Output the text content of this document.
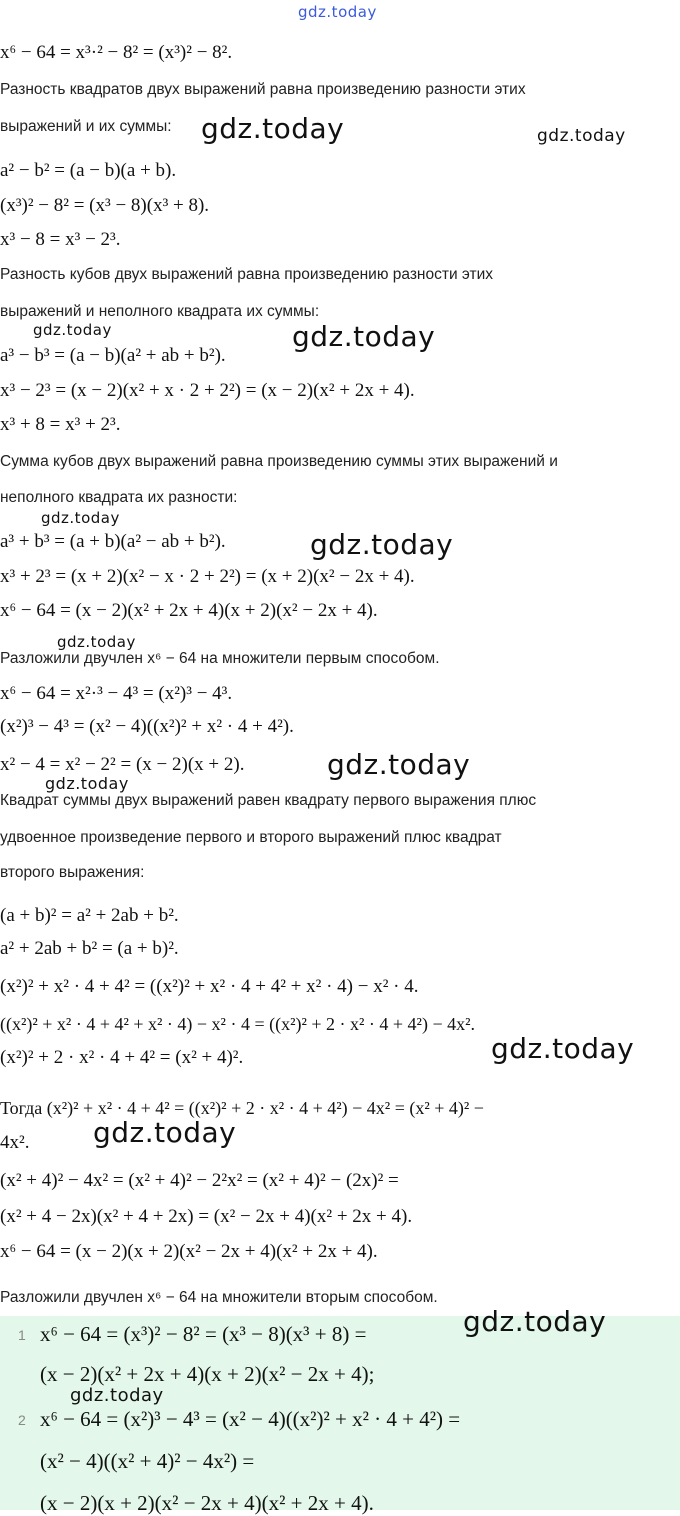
gdz.today
x⁶ − 64 = x³·² − 8² = (x³)² − 8².
Разность квадратов двух выражений равна произведению разности этих
выражений и их суммы: gdz.today	gdz.today
a² − b² = (a − b)(a + b).
(x³)² − 8² = (x³ − 8)(x³ + 8).
x³ − 8 = x³ − 2³.
Разность кубов двух выражений равна произведению разности этих
выражений и неполного квадрата их суммы:
gdz.today	gdz.today
a³ − b³ = (a − b)(a² + ab + b²).
x³ − 2³ = (x − 2)(x² + x · 2 + 2²) = (x − 2)(x² + 2x + 4).
x³ + 8 = x³ + 2³.
Сумма кубов двух выражений равна произведению суммы этих выражений и
неполного квадрата их разности:
gdz.today
gdz.today
a³ + b³ = (a + b)(a² − ab + b²).
x³ + 2³ = (x + 2)(x² − x · 2 + 2²) = (x + 2)(x² − 2x + 4).
x⁶ − 64 = (x − 2)(x² + 2x + 4)(x + 2)(x² − 2x + 4).
gdz.today
Разложили двучлен x⁶ − 64 на множители первым способом.
x⁶ − 64 = x²·³ − 4³ = (x²)³ − 4³.
(x²)³ − 4³ = (x² − 4)((x²)² + x² · 4 + 4²).
x² − 4 = x² − 2² = (x − 2)(x + 2).	gdz.today
gdz.today
Квадрат суммы двух выражений равен квадрату первого выражения плюс
удвоенное произведение первого и второго выражений плюс квадрат
второго выражения:
(a + b)² = a² + 2ab + b².
a² + 2ab + b² = (a + b)².
(x²)² + x² · 4 + 4² = ((x²)² + x² · 4 + 4² + x² · 4) − x² · 4.
((x²)² + x² · 4 + 4² + x² · 4) − x² · 4 = ((x²)² + 2 · x² · 4 + 4²) − 4x².
(x²)² + 2 · x² · 4 + 4² = (x² + 4)².	gdz.today
Тогда (x²)² + x² · 4 + 4² = ((x²)² + 2 · x² · 4 + 4²) − 4x² = (x² + 4)² −
4x². gdz.today
(x² + 4)² − 4x² = (x² + 4)² − 2²x² = (x² + 4)² − (2x)² =
(x² + 4 − 2x)(x² + 4 + 2x) = (x² − 2x + 4)(x² + 2x + 4).
x⁶ − 64 = (x − 2)(x + 2)(x² − 2x + 4)(x² + 2x + 4).
Разложили двучлен x⁶ − 64 на множители вторым способом.
1 x⁶ − 64 = (x³)² − 8² = (x³ − 8)(x³ + 8) =
(x − 2)(x² + 2x + 4)(x + 2)(x² − 2x + 4);
2 x⁶ − 64 = (x²)³ − 4³ = (x² − 4)((x²)² + x² · 4 + 4²) =
(x² − 4)((x² + 4)² − 4x²) =
(x − 2)(x + 2)(x² − 2x + 4)(x² + 2x + 4).
gdz.today
gdz.today
